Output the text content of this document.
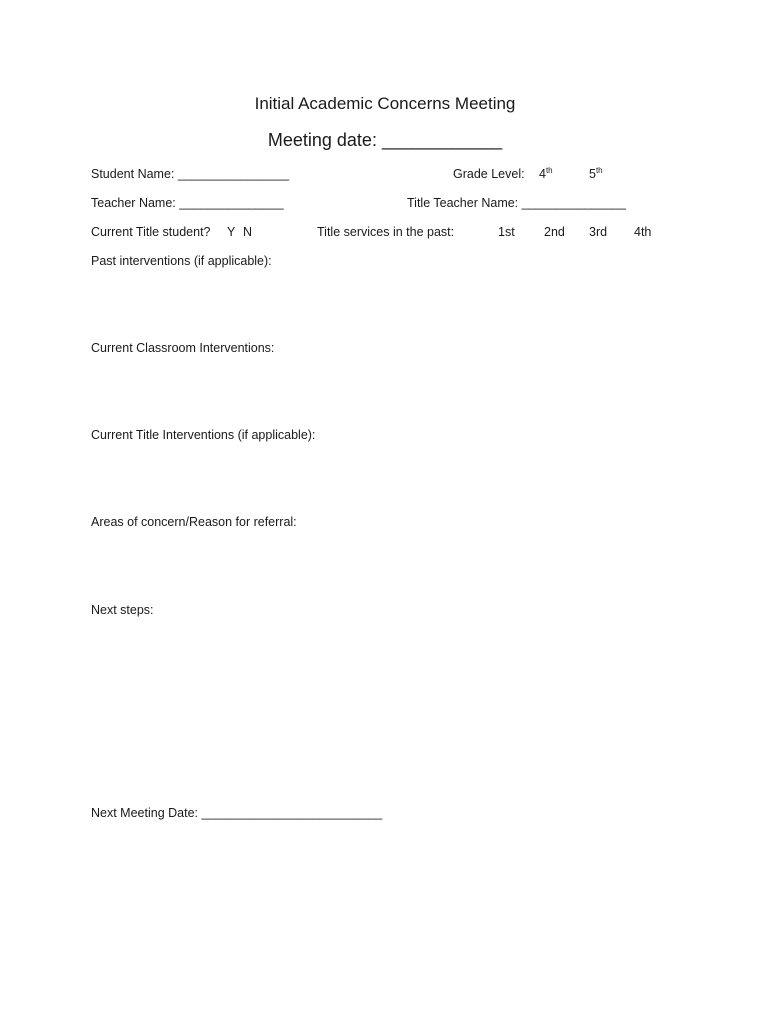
Initial Academic Concerns Meeting
Meeting date: ____________
Student Name: ________________	Grade Level: 4th	5th
Teacher Name: _______________	Title Teacher Name: _______________
Current Title student? Y N	Title services in the past:	1st 2nd 3rd 4th
Past interventions (if applicable):
Current Classroom Interventions:
Current Title Interventions (if applicable):
Areas of concern/Reason for referral:
Next steps:
Next Meeting Date: __________________________
